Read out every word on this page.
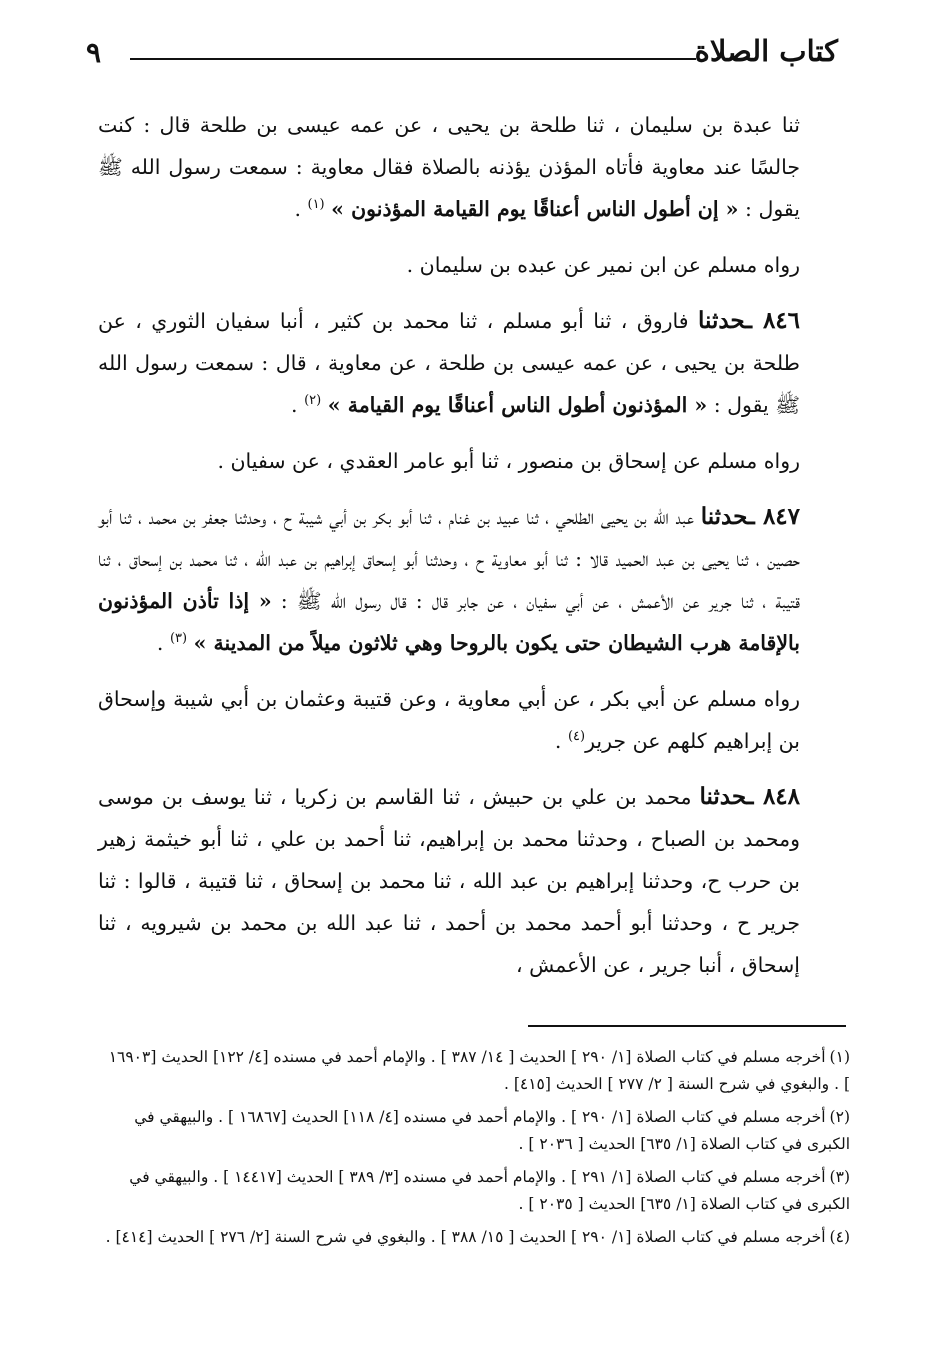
كتاب الصلاة
٩

ثنا عبدة بن سليمان ، ثنا طلحة بن يحيى ، عن عمه عيسى بن طلحة قال : كنت جالسًا عند معاوية فأتاه المؤذن يؤذنه بالصلاة فقال معاوية : سمعت رسول الله ﷺ يقول : « إن أطول الناس أعناقًا يوم القيامة المؤذنون » $^{(١)}$ .

رواه مسلم عن ابن نمير عن عبده بن سليمان .

٨٤٦ ـحدثنا فاروق ، ثنا أبو مسلم ، ثنا محمد بن كثير ، أنبا سفيان الثوري ، عن طلحة بن يحيى ، عن عمه عيسى بن طلحة ، عن معاوية ، قال : سمعت رسول الله ﷺ يقول : « المؤذنون أطول الناس أعناقًا يوم القيامة » $^{(٢)}$ .

رواه مسلم عن إسحاق بن منصور ، ثنا أبو عامر العقدي ، عن سفيان .

٨٤٧ ـحدثنا عبد الله بن يحيى الطلحي ، ثنا عبيد بن غنام ، ثنا أبو بكر بن أبي شيبة ح ، وحدثنا جعفر بن محمد ، ثنا أبو حصين ، ثنا يحيى بن عبد الحميد قالا : ثنا أبو معاوية ح ، وحدثنا أبو إسحاق إبراهيم بن عبد الله ، ثنا محمد بن إسحاق ، ثنا قتيبة ، ثنا جرير عن الأعمش ، عن أبي سفيان ، عن جابر قال : قال رسول الله ﷺ : « إذا تأذن المؤذنون بالإقامة هرب الشيطان حتى يكون بالروحا وهي ثلاثون ميلاً من المدينة » $^{(٣)}$ .

رواه مسلم عن أبي بكر ، عن أبي معاوية ، وعن قتيبة وعثمان بن أبي شيبة وإسحاق بن إبراهيم كلهم عن جرير$^{(٤)}$ .

٨٤٨ ـحدثنا محمد بن علي بن حبيش ، ثنا القاسم بن زكريا ، ثنا يوسف بن موسى ومحمد بن الصباح ، وحدثنا محمد بن إبراهيم، ثنا أحمد بن علي ، ثنا أبو خيثمة زهير بن حرب ح، وحدثنا إبراهيم بن عبد الله ، ثنا محمد بن إسحاق ، ثنا قتيبة ، قالوا : ثنا جرير ح ، وحدثنا أبو أحمد محمد بن أحمد ، ثنا عبد الله بن محمد بن شيرويه ، ثنا إسحاق ، أنبا جرير ، عن الأعمش ،

(١)أخرجه مسلم في كتاب الصلاة [١/ ٢٩٠ ] الحديث [ ١٤/ ٣٨٧ ] . والإمام أحمد في مسنده [٤/ ١٢٢] الحديث [١٦٩٠٣ ] . والبغوي في شرح السنة [ ٢/ ٢٧٧ ] الحديث [٤١٥] .

(٢)أخرجه مسلم في كتاب الصلاة [١/ ٢٩٠ ] . والإمام أحمد في مسنده [٤/ ١١٨] الحديث [١٦٨٦٧ ] . والبيهقي في الكبرى في كتاب الصلاة [١/ ٦٣٥] الحديث [ ٢٠٣٦ ] .

(٣)أخرجه مسلم في كتاب الصلاة [١/ ٢٩١ ] . والإمام أحمد في مسنده [٣/ ٣٨٩ ] الحديث [١٤٤١٧ ] . والبيهقي في الكبرى في كتاب الصلاة [١/ ٦٣٥] الحديث [ ٢٠٣٥ ] .

(٤)أخرجه مسلم في كتاب الصلاة [١/ ٢٩٠ ] الحديث [ ١٥/ ٣٨٨ ] . والبغوي في شرح السنة [٢/ ٢٧٦ ] الحديث [٤١٤] .
